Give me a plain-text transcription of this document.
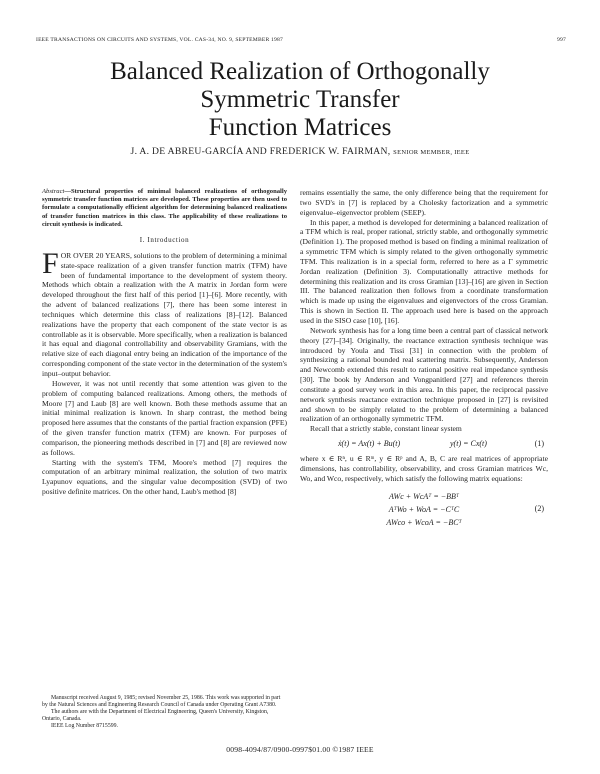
IEEE TRANSACTIONS ON CIRCUITS AND SYSTEMS, VOL. CAS-34, NO. 9, SEPTEMBER 1987	997
Balanced Realization of Orthogonally
Symmetric Transfer
Function Matrices
J. A. DE ABREU-GARCÍA AND FREDERICK W. FAIRMAN, SENIOR MEMBER, IEEE
Abstract—Structural properties of minimal balanced realizations of orthogonally symmetric transfer function matrices are developed. These properties are then used to formulate a computationally efficient algorithm for determining balanced realizations of transfer function matrices in this class. The applicability of these realizations to circuit synthesis is indicated.
I. Introduction

FOR OVER 20 YEARS, solutions to the problem of determining a minimal state-space realization of a given transfer function matrix (TFM) have been of fundamental importance to the development of system theory. Methods which obtain a realization with the A matrix in Jordan form were developed throughout the first half of this period [1]–[6]. More recently, with the advent of balanced realizations [7], there has been some interest in techniques which determine this class of realizations [8]–[12]. Balanced realizations have the property that each component of the state vector is as controllable as it is observable. More specifically, when a realization is balanced it has equal and diagonal controllability and observability Gramians, with the relative size of each diagonal entry being an indication of the importance of the corresponding component of the state vector in the determination of the system's input–output behavior.

However, it was not until recently that some attention was given to the problem of computing balanced realizations. Among others, the methods of Moore [7] and Laub [8] are well known. Both these methods assume that an initial minimal realization is known. In sharp contrast, the method being proposed here assumes that the constants of the partial fraction expansion (PFE) of the given transfer function matrix (TFM) are known. For purposes of comparison, the pioneering methods described in [7] and [8] are reviewed now as follows.

Starting with the system's TFM, Moore's method [7] requires the computation of an arbitrary minimal realization, the solution of two matrix Lyapunov equations, and the singular value decomposition (SVD) of two positive definite matrices. On the other hand, Laub's method [8]

Manuscript received August 9, 1985; revised November 25, 1986. This work was supported in part by the Natural Sciences and Engineering Research Council of Canada under Operating Grant A7380.

The authors are with the Department of Electrical Engineering, Queen's University, Kingston, Ontario, Canada.

IEEE Log Number 8715599.

remains essentially the same, the only difference being that the requirement for two SVD's in [7] is replaced by a Cholesky factorization and a symmetric eigenvalue–eigenvector problem (SEEP).

In this paper, a method is developed for determining a balanced realization of a TFM which is real, proper rational, strictly stable, and orthogonally symmetric (Definition 1). The proposed method is based on finding a minimal realization of a symmetric TFM which is simply related to the given orthogonally symmetric TFM. This realization is in a special form, referred to here as a Γ symmetric Jordan realization (Definition 3). Computationally attractive methods for determining this realization and its cross Gramian [13]–[16] are given in Section III. The balanced realization then follows from a coordinate transformation which is made up using the eigenvalues and eigenvectors of the cross Gramian. This is shown in Section II. The approach used here is based on the approach used in the SISO case [10], [16].

Network synthesis has for a long time been a central part of classical network theory [27]–[34]. Originally, the reactance extraction synthesis technique was introduced by Youla and Tissi [31] in connection with the problem of synthesizing a rational bounded real scattering matrix. Subsequently, Anderson and Newcomb extended this result to rational positive real impedance synthesis [30]. The book by Anderson and Vongpanitlerd [27] and references therein constitute a good survey work in this area. In this paper, the reciprocal passive network synthesis reactance extraction technique proposed in [27] is revisited and shown to be simply related to the problem of determining a balanced realization of an orthogonally symmetric TFM.

Recall that a strictly stable, constant linear system

ẋ(t) = Ax(t) + Bu(t)	y(t) = Cx(t)	(1)

where x ∈ Rⁿ, u ∈ Rᵐ, y ∈ Rᵖ and A, B, C are real matrices of appropriate dimensions, has controllability, observability, and cross Gramian matrices Wc, Wo, and Wco, respectively, which satisfy the following matrix equations:

AWc + WcAᵀ = −BBᵀ
AᵀWo + WoA = −CᵀC
AWco + WcoA = −BCᵀ
(2)
0098-4094/87/0900-0997$01.00 ©1987 IEEE
